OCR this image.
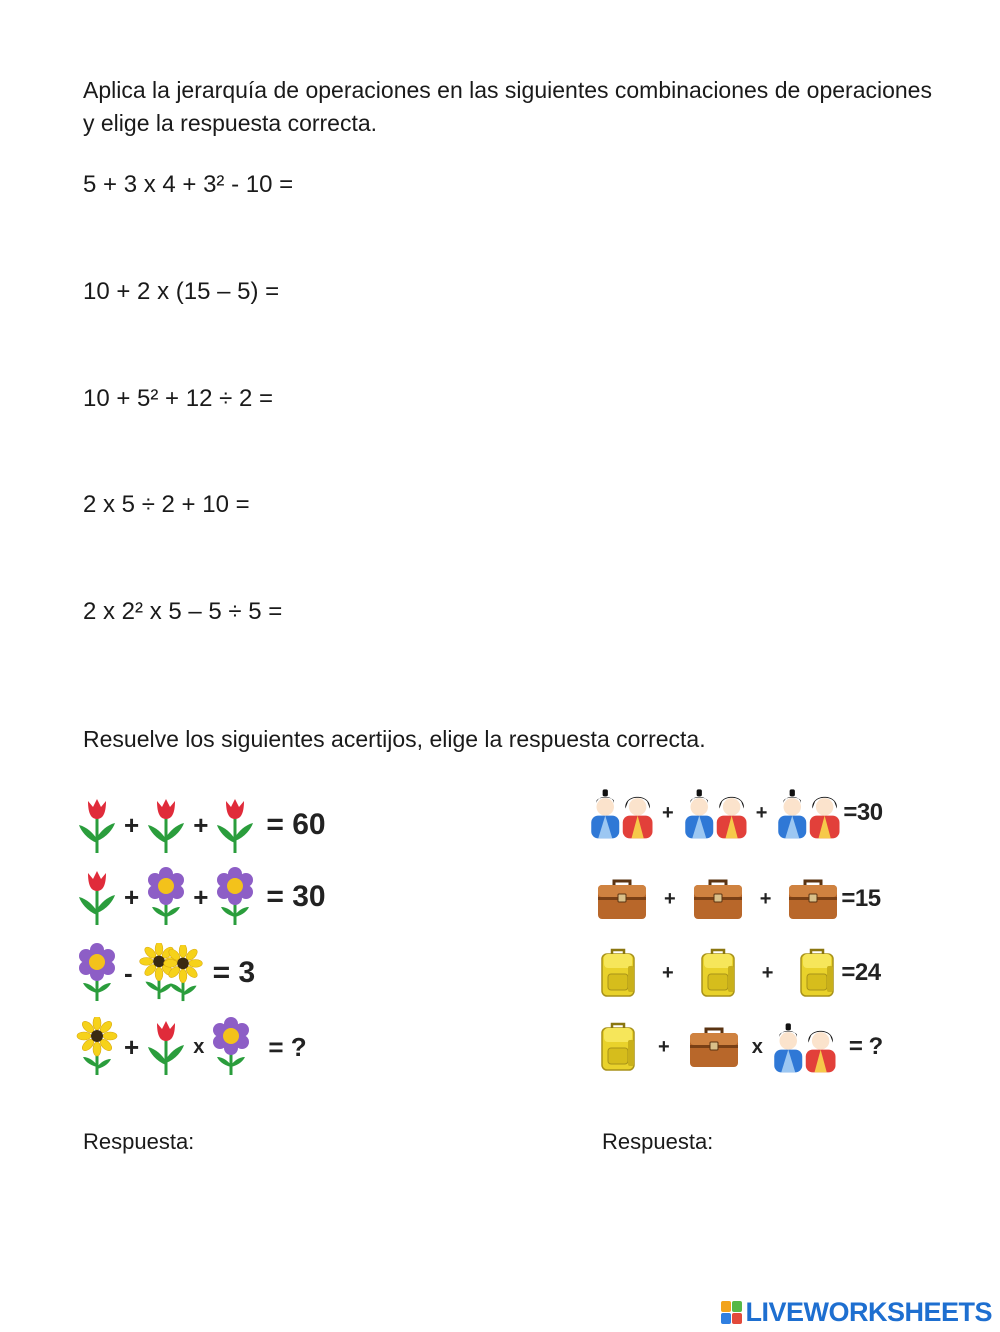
Aplica la jerarquía de operaciones en las siguientes combinaciones de operaciones
y elige la respuesta correcta.
5 + 3 x 4 + 3² - 10 =
10 + 2 x (15 – 5) =
10 + 5² + 12 ÷ 2 =
2 x 5 ÷ 2 + 10 =
2 x 2² x 5 – 5 ÷ 5 =
Resuelve los siguientes acertijos, elige la respuesta correcta.
+ + = 60
+ + = 30
-	= 3
+	x = ?
+	+	=30
+	+	=15
+	+	=24
+	x	= ?
Respuesta:	Respuesta:
LIVEWORKSHEETS
